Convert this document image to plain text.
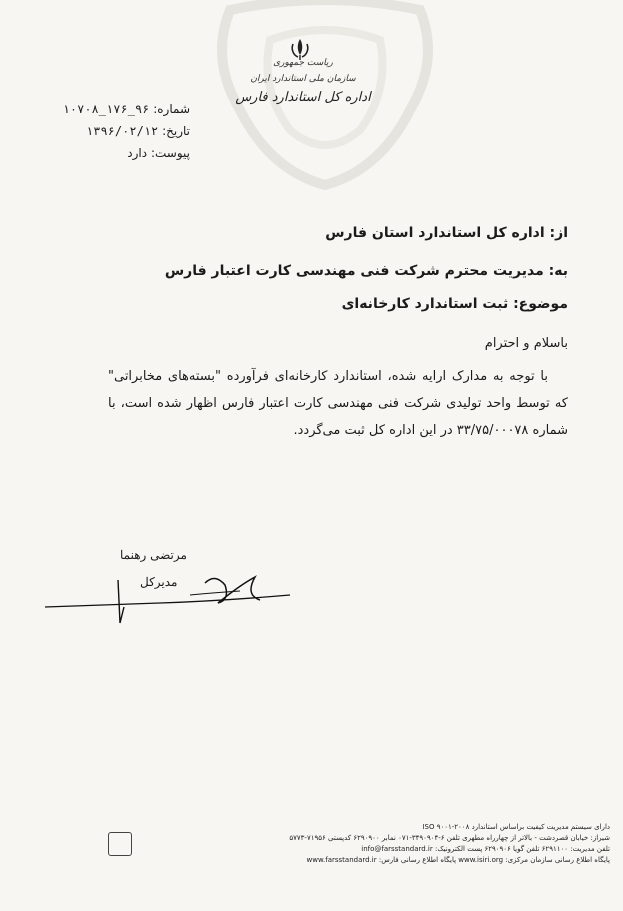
ریاست جمهوری
سازمان ملی استاندارد ایران
اداره کل استاندارد فارس
شماره: ۹۶_۱۷۶_۱۰۷۰۸
تاریخ: ۱۳۹۶/۰۲/۱۲
پیوست: دارد
از: اداره کل استاندارد استان فارس
به: مدیریت محترم شرکت فنی مهندسی کارت اعتبار فارس
موضوع: ثبت استاندارد کارخانه‌ای
باسلام و احترام
با توجه به مدارک ارایه شده، استاندارد کارخانه‌ای فرآورده "بسته‌های مخابراتی" که توسط واحد تولیدی شرکت فنی مهندسی کارت اعتبار فارس اظهار شده است، با شماره ۳۳/۷۵/۰۰۰۷۸ در این اداره کل ثبت می‌گردد.
مرتضی رهنما
مدیرکل
دارای سیستم مدیریت کیفیت براساس استاندارد ISO ۹۰۰۱-۲۰۰۸
شیراز: خیابان قصردشت - بالاتر از چهارراه مطهری تلفن ۶-۳۴۹۰۹۰۴-۰۷۱ نمابر ۶۲۹۰۹۰۰ کدپستی ۷۱۹۵۶-۵۷۷۳
تلفن مدیریت: ۶۲۹۱۱۰۰ تلفن گویا ۶۲۹۰۹۰۶ پست الکترونیک: info@farsstandard.ir
پایگاه اطلاع رسانی سازمان مرکزی: www.isiri.org پایگاه اطلاع رسانی فارس: www.farsstandard.ir
